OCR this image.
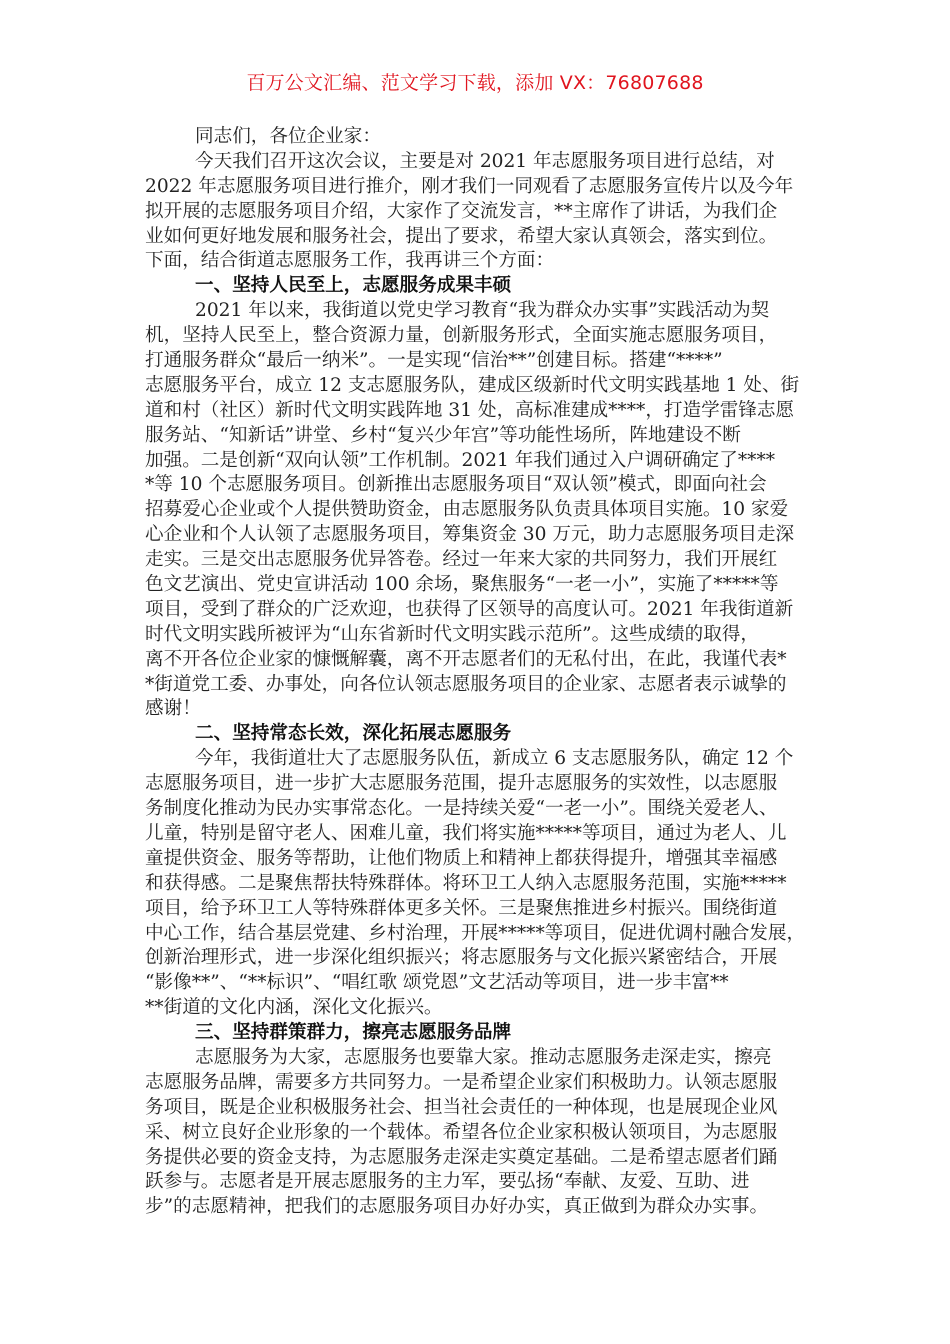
百万公文汇编、范文学习下载，添加 VX：76807688
同志们，各位企业家：
今天我们召开这次会议，主要是对 2021 年志愿服务项目进行总结，对
2022 年志愿服务项目进行推介，刚才我们一同观看了志愿服务宣传片以及今年
拟开展的志愿服务项目介绍，大家作了交流发言，**主席作了讲话，为我们企
业如何更好地发展和服务社会，提出了要求，希望大家认真领会，落实到位。
下面，结合街道志愿服务工作，我再讲三个方面：
一、坚持人民至上，志愿服务成果丰硕
2021 年以来，我街道以党史学习教育“我为群众办实事”实践活动为契
机，坚持人民至上，整合资源力量，创新服务形式，全面实施志愿服务项目，
打通服务群众“最后一纳米”。一是实现“信治**”创建目标。搭建“****”
志愿服务平台，成立 12 支志愿服务队，建成区级新时代文明实践基地 1 处、街
道和村（社区）新时代文明实践阵地 31 处，高标准建成****，打造学雷锋志愿
服务站、“知新话”讲堂、乡村“复兴少年宫”等功能性场所，阵地建设不断
加强。二是创新“双向认领”工作机制。2021 年我们通过入户调研确定了****
*等 10 个志愿服务项目。创新推出志愿服务项目“双认领”模式，即面向社会
招募爱心企业或个人提供赞助资金，由志愿服务队负责具体项目实施。10 家爱
心企业和个人认领了志愿服务项目，筹集资金 30 万元，助力志愿服务项目走深
走实。三是交出志愿服务优异答卷。经过一年来大家的共同努力，我们开展红
色文艺演出、党史宣讲活动 100 余场，聚焦服务“一老一小”，实施了*****等
项目，受到了群众的广泛欢迎，也获得了区领导的高度认可。2021 年我街道新
时代文明实践所被评为“山东省新时代文明实践示范所”。这些成绩的取得，
离不开各位企业家的慷慨解囊，离不开志愿者们的无私付出，在此，我谨代表*
*街道党工委、办事处，向各位认领志愿服务项目的企业家、志愿者表示诚挚的
感谢！
二、坚持常态长效，深化拓展志愿服务
今年，我街道壮大了志愿服务队伍，新成立 6 支志愿服务队，确定 12 个
志愿服务项目，进一步扩大志愿服务范围，提升志愿服务的实效性，以志愿服
务制度化推动为民办实事常态化。一是持续关爱“一老一小”。围绕关爱老人、
儿童，特别是留守老人、困难儿童，我们将实施*****等项目，通过为老人、儿
童提供资金、服务等帮助，让他们物质上和精神上都获得提升，增强其幸福感
和获得感。二是聚焦帮扶特殊群体。将环卫工人纳入志愿服务范围，实施*****
项目，给予环卫工人等特殊群体更多关怀。三是聚焦推进乡村振兴。围绕街道
中心工作，结合基层党建、乡村治理，开展*****等项目，促进优调村融合发展，
创新治理形式，进一步深化组织振兴；将志愿服务与文化振兴紧密结合，开展
“影像**”、“**标识”、“唱红歌 颂党恩”文艺活动等项目，进一步丰富**
**街道的文化内涵，深化文化振兴。
三、坚持群策群力，擦亮志愿服务品牌
志愿服务为大家，志愿服务也要靠大家。推动志愿服务走深走实，擦亮
志愿服务品牌，需要多方共同努力。一是希望企业家们积极助力。认领志愿服
务项目，既是企业积极服务社会、担当社会责任的一种体现，也是展现企业风
采、树立良好企业形象的一个载体。希望各位企业家积极认领项目，为志愿服
务提供必要的资金支持，为志愿服务走深走实奠定基础。二是希望志愿者们踊
跃参与。志愿者是开展志愿服务的主力军，要弘扬“奉献、友爱、互助、进
步”的志愿精神，把我们的志愿服务项目办好办实，真正做到为群众办实事。
